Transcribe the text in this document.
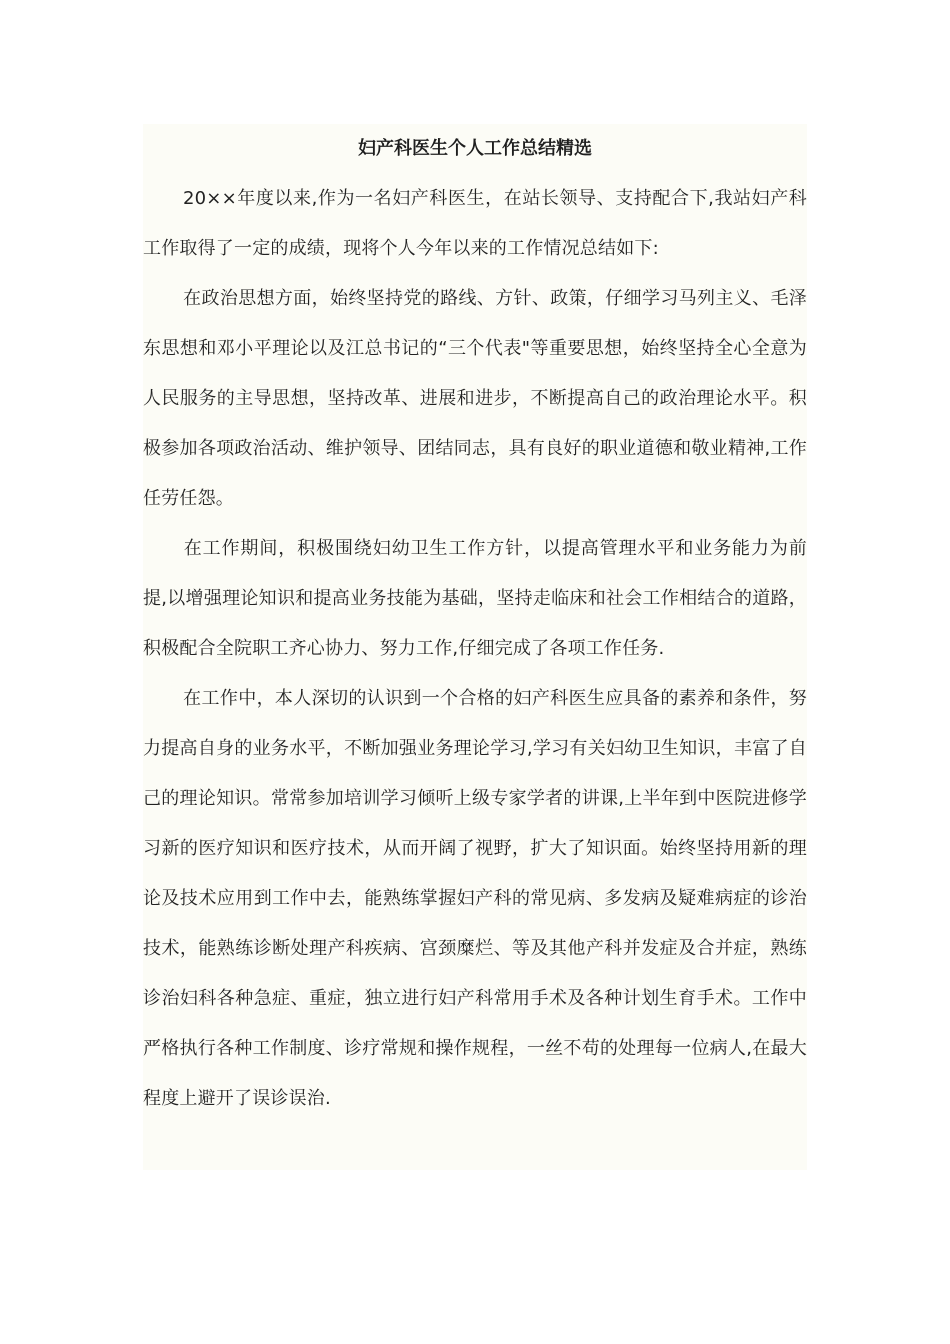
妇产科医生个人工作总结精选

20××年度以来,作为一名妇产科医生，在站长领导、支持配合下,我站妇产科工作取得了一定的成绩，现将个人今年以来的工作情况总结如下:

在政治思想方面，始终坚持党的路线、方针、政策，仔细学习马列主义、毛泽东思想和邓小平理论以及江总书记的“三个代表"等重要思想，始终坚持全心全意为人民服务的主导思想，坚持改革、进展和进步，不断提高自己的政治理论水平。积极参加各项政治活动、维护领导、团结同志，具有良好的职业道德和敬业精神,工作任劳任怨。

在工作期间，积极围绕妇幼卫生工作方针，以提高管理水平和业务能力为前提,以增强理论知识和提高业务技能为基础，坚持走临床和社会工作相结合的道路，积极配合全院职工齐心协力、努力工作,仔细完成了各项工作任务.

在工作中，本人深切的认识到一个合格的妇产科医生应具备的素养和条件，努力提高自身的业务水平，不断加强业务理论学习,学习有关妇幼卫生知识，丰富了自己的理论知识。常常参加培训学习倾听上级专家学者的讲课,上半年到中医院进修学习新的医疗知识和医疗技术，从而开阔了视野，扩大了知识面。始终坚持用新的理论及技术应用到工作中去，能熟练掌握妇产科的常见病、多发病及疑难病症的诊治技术，能熟练诊断处理产科疾病、宫颈糜烂、等及其他产科并发症及合并症，熟练诊治妇科各种急症、重症，独立进行妇产科常用手术及各种计划生育手术。工作中严格执行各种工作制度、诊疗常规和操作规程，一丝不苟的处理每一位病人,在最大程度上避开了误诊误治.
